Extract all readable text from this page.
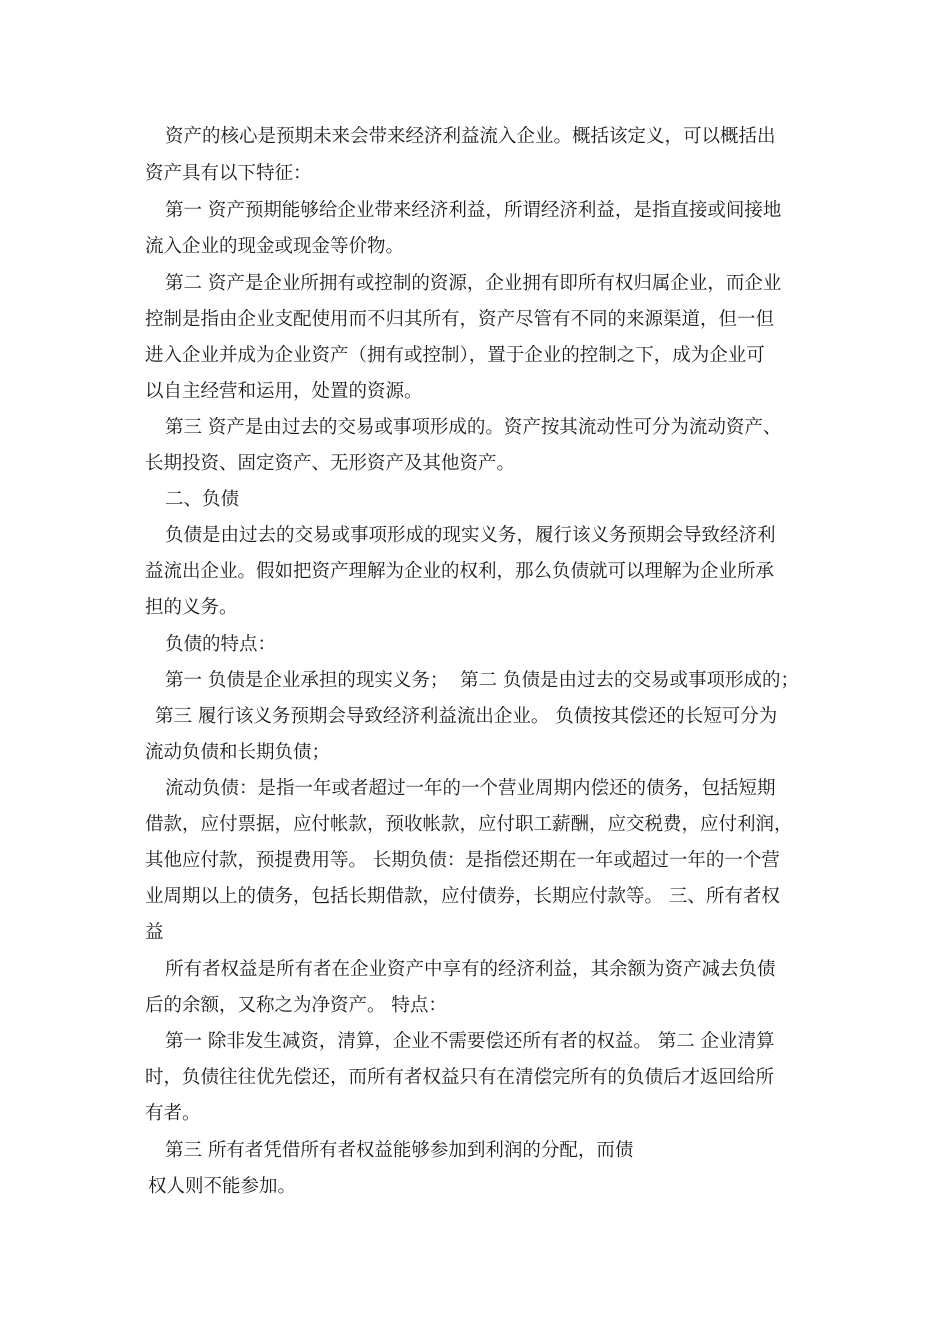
资产的核心是预期未来会带来经济利益流入企业。概括该定义，可以概括出
资产具有以下特征：
第一 资产预期能够给企业带来经济利益，所谓经济利益，是指直接或间接地
流入企业的现金或现金等价物。
第二 资产是企业所拥有或控制的资源，企业拥有即所有权归属企业，而企业
控制是指由企业支配使用而不归其所有，资产尽管有不同的来源渠道，但一但
进入企业并成为企业资产（拥有或控制），置于企业的控制之下，成为企业可
以自主经营和运用，处置的资源。
第三 资产是由过去的交易或事项形成的。资产按其流动性可分为流动资产、
长期投资、固定资产、无形资产及其他资产。
二、负债
负债是由过去的交易或事项形成的现实义务，履行该义务预期会导致经济利
益流出企业。假如把资产理解为企业的权利，那么负债就可以理解为企业所承
担的义务。
负债的特点：
第一 负债是企业承担的现实义务；  第二 负债是由过去的交易或事项形成的；
第三 履行该义务预期会导致经济利益流出企业。 负债按其偿还的长短可分为
流动负债和长期负债；
流动负债：是指一年或者超过一年的一个营业周期内偿还的债务，包括短期
借款，应付票据，应付帐款，预收帐款，应付职工薪酬，应交税费，应付利润，
其他应付款，预提费用等。 长期负债：是指偿还期在一年或超过一年的一个营
业周期以上的债务，包括长期借款，应付债券，长期应付款等。 三、所有者权
益
所有者权益是所有者在企业资产中享有的经济利益，其余额为资产减去负债
后的余额，又称之为净资产。 特点：
第一 除非发生减资，清算，企业不需要偿还所有者的权益。 第二 企业清算
时，负债往往优先偿还，而所有者权益只有在清偿完所有的负债后才返回给所
有者。
第三 所有者凭借所有者权益能够参加到利润的分配，而债
权人则不能参加。
